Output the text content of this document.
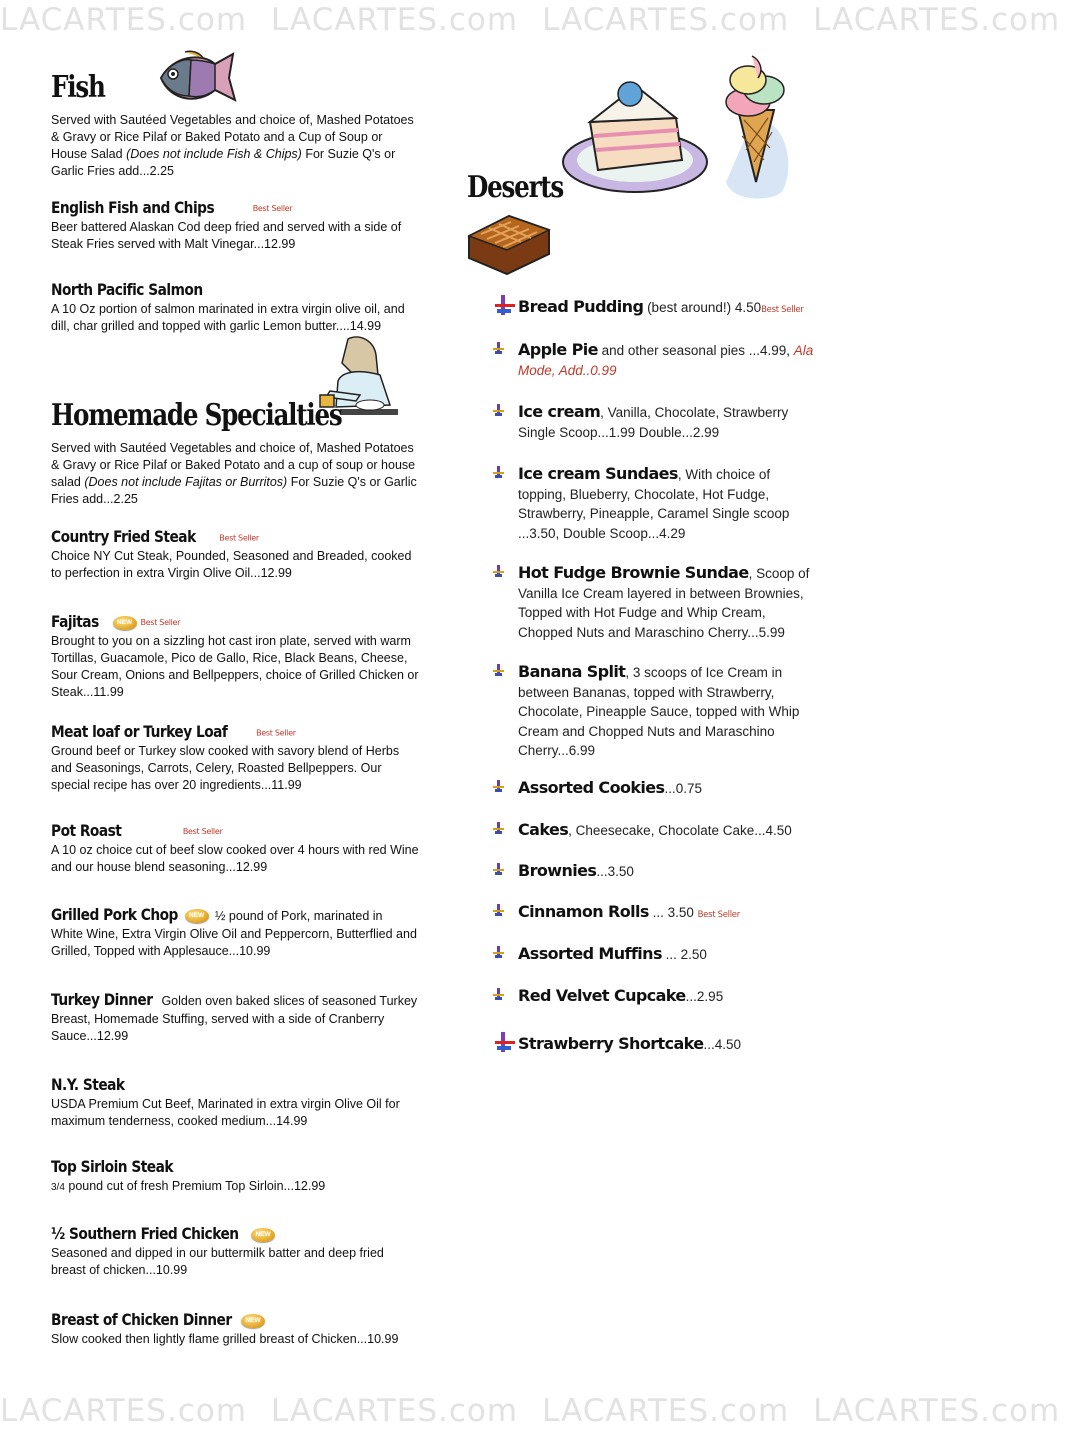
LACARTES.com LACARTES.com LACARTES.com LACARTES.com
LACARTES.com LACARTES.com LACARTES.com LACARTES.com
Fish
Served with Sautéed Vegetables and choice of, Mashed Potatoes & Gravy or Rice Pilaf or Baked Potato and a Cup of Soup or House Salad (Does not include Fish & Chips) For Suzie Q's or Garlic Fries add...2.25
English Fish and Chips	Best Seller
Beer battered Alaskan Cod deep fried and served with a side of Steak Fries served with Malt Vinegar...12.99
North Pacific Salmon
A 10 Oz portion of salmon marinated in extra virgin olive oil, and dill, char grilled and topped with garlic Lemon butter....14.99
Homemade Specialties
Served with Sautéed Vegetables and choice of, Mashed Potatoes & Gravy or Rice Pilaf or Baked Potato and a cup of soup or house salad (Does not include Fajitas or Burritos) For Suzie Q's or Garlic Fries add...2.25
Country Fried Steak	Best Seller
Choice NY Cut Steak, Pounded, Seasoned and Breaded, cooked to perfection in extra Virgin Olive Oil...12.99
Fajitas	NEW Best Seller
Brought to you on a sizzling hot cast iron plate, served with warm Tortillas, Guacamole, Pico de Gallo, Rice, Black Beans, Cheese, Sour Cream, Onions and Bellpeppers, choice of Grilled Chicken or Steak...11.99
Meat loaf or Turkey Loaf	Best Seller
Ground beef or Turkey slow cooked with savory blend of Herbs and Seasonings, Carrots, Celery, Roasted Bellpeppers. Our special recipe has over 20 ingredients...11.99
Pot Roast	Best Seller
A 10 oz choice cut of beef slow cooked over 4 hours with red Wine and our house blend seasoning...12.99
Grilled Pork Chop NEW ½ pound of Pork, marinated in
White Wine, Extra Virgin Olive Oil and Peppercorn, Butterflied and Grilled, Topped with Applesauce...10.99
Turkey Dinner Golden oven baked slices of seasoned Turkey
Breast, Homemade Stuffing, served with a side of Cranberry Sauce...12.99
N.Y. Steak
USDA Premium Cut Beef, Marinated in extra virgin Olive Oil for maximum tenderness, cooked medium...14.99
Top Sirloin Steak
3/4 pound cut of fresh Premium Top Sirloin...12.99
½ Southern Fried Chicken	NEW
Seasoned and dipped in our buttermilk batter and deep fried breast of chicken...10.99
Breast of Chicken Dinner NEW
Slow cooked then lightly flame grilled breast of Chicken...10.99
Deserts
Bread Pudding (best around!) 4.50Best Seller
Apple Pie and other seasonal pies ...4.99, Ala Mode, Add..0.99
Ice cream, Vanilla, Chocolate, Strawberry Single Scoop...1.99 Double...2.99
Ice cream Sundaes, With choice of topping, Blueberry, Chocolate, Hot Fudge, Strawberry, Pineapple, Caramel Single scoop ...3.50, Double Scoop...4.29
Hot Fudge Brownie Sundae, Scoop of Vanilla Ice Cream layered in between Brownies, Topped with Hot Fudge and Whip Cream, Chopped Nuts and Maraschino Cherry...5.99
Banana Split, 3 scoops of Ice Cream in between Bananas, topped with Strawberry, Chocolate, Pineapple Sauce, topped with Whip Cream and Chopped Nuts and Maraschino Cherry...6.99
Assorted Cookies...0.75
Cakes, Cheesecake, Chocolate Cake...4.50
Brownies...3.50
Cinnamon Rolls ... 3.50 Best Seller
Assorted Muffins ... 2.50
Red Velvet Cupcake...2.95
Strawberry Shortcake...4.50
